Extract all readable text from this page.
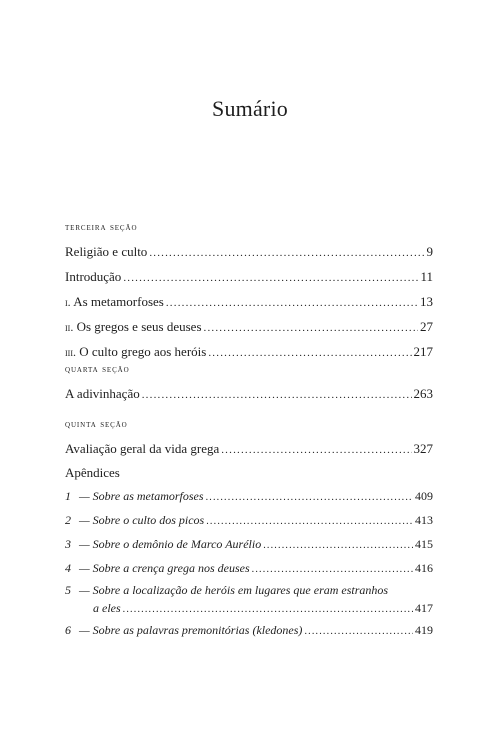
Sumário
terceira seção
Religião e culto .....	9
Introdução .....	11
i. As metamorfoses .....	13
ii. Os gregos e seus deuses .....	27
iii. O culto grego aos heróis .....	217
quarta seção
A adivinhação .....	263
quinta seção
Avaliação geral da vida grega .....	327
Apêndices
1 — Sobre as metamorfoses .....	409
2 — Sobre o culto dos picos .....	413
3 — Sobre o demônio de Marco Aurélio .....	415
4 — Sobre a crença grega nos deuses .....	416
5 — Sobre a localização de heróis em lugares que eram estranhos
a eles .....	417
6 — Sobre as palavras premonitórias (kledones) .....	419
